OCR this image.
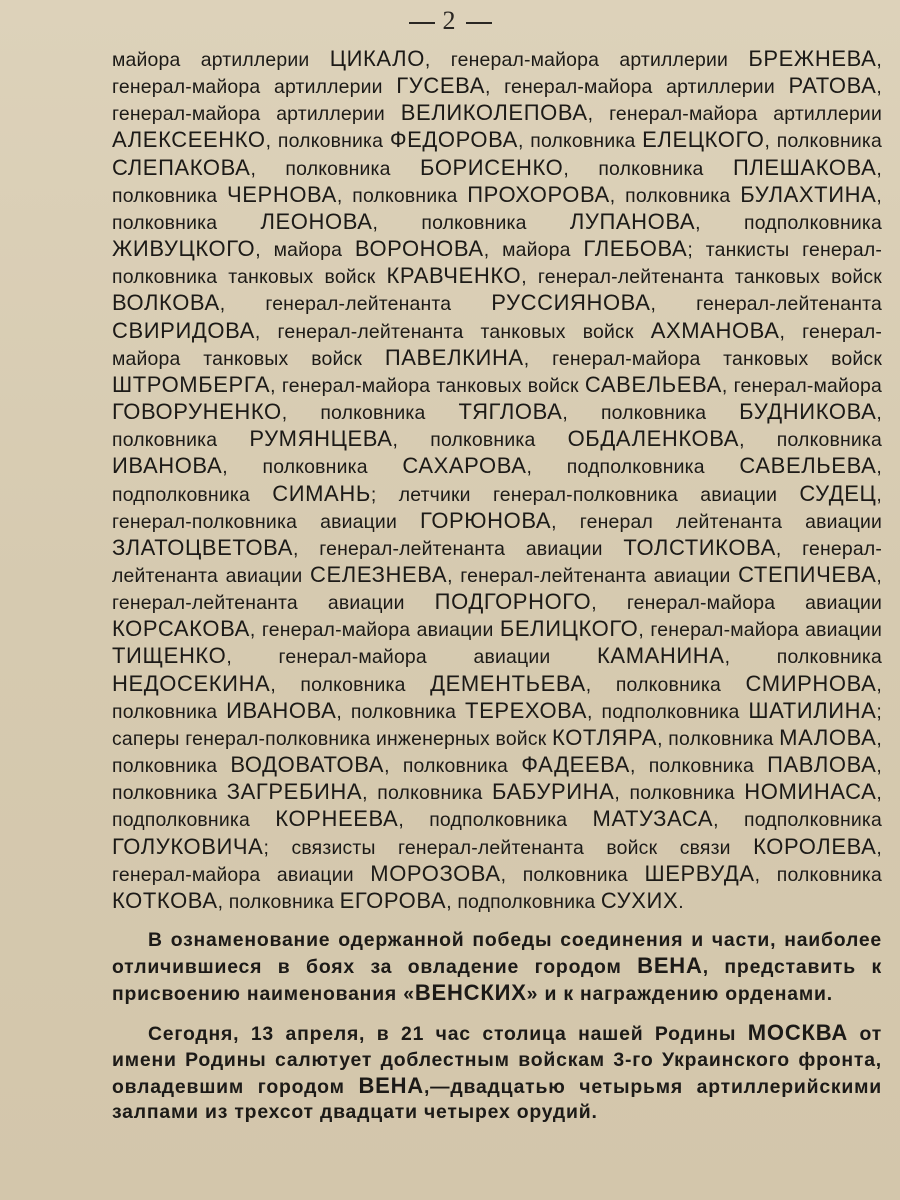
2

майора артиллерии ЦИКАЛО, генерал-майора артиллерии БРЕЖНЕВА, генерал-майора артиллерии ГУСЕВА, генерал-майора артиллерии РАТОВА, генерал-майора артиллерии ВЕЛИКОЛЕПОВА, генерал-майора артиллерии АЛЕКСЕЕНКО, полковника ФЕДОРОВА, полковника ЕЛЕЦКОГО, полковника СЛЕПАКОВА, полковника БОРИСЕНКО, полковника ПЛЕШАКОВА, полковника ЧЕРНОВА, полковника ПРОХОРОВА, полковника БУЛАХТИНА, полковника ЛЕОНОВА, полковника ЛУПАНОВА, подполковника ЖИВУЦКОГО, майора ВОРОНОВА, майора ГЛЕБОВА; танкисты генерал-полковника танковых войск КРАВЧЕНКО, генерал-лейтенанта танковых войск ВОЛКОВА, генерал-лейтенанта РУССИЯНОВА, генерал-лейтенанта СВИРИДОВА, генерал-лейтенанта танковых войск АХМАНОВА, генерал-майора танковых войск ПАВЕЛКИНА, генерал-майора танковых войск ШТРОМБЕРГА, генерал-майора танковых войск САВЕЛЬЕВА, генерал-майора ГОВОРУНЕНКО, полковника ТЯГЛОВА, полковника БУДНИКОВА, полковника РУМЯНЦЕВА, полковника ОБДАЛЕНКОВА, полковника ИВАНОВА, полковника САХАРОВА, подполковника САВЕЛЬЕВА, подполковника СИМАНЬ; летчики генерал-полковника авиации СУДЕЦ, генерал-полковника авиации ГОРЮНОВА, генерал лейтенанта авиации ЗЛАТОЦВЕТОВА, генерал-лейтенанта авиации ТОЛСТИКОВА, генерал-лейтенанта авиации СЕЛЕЗНЕВА, генерал-лейтенанта авиации СТЕПИЧЕВА, генерал-лейтенанта авиации ПОДГОРНОГО, генерал-майора авиации КОРСАКОВА, генерал-майора авиации БЕЛИЦКОГО, генерал-майора авиации ТИЩЕНКО, генерал-майора авиации КАМАНИНА, полковника НЕДОСЕКИНА, полковника ДЕМЕНТЬЕВА, полковника СМИРНОВА, полковника ИВАНОВА, полковника ТЕРЕХОВА, подполковника ШАТИЛИНА; саперы генерал-полковника инженерных войск КОТЛЯРА, полковника МАЛОВА, полковника ВОДОВАТОВА, полковника ФАДЕЕВА, полковника ПАВЛОВА, полковника ЗАГРЕБИНА, полковника БАБУРИНА, полковника НОМИНАСА, подполковника КОРНЕЕВА, подполковника МАТУЗАСА, подполковника ГОЛУКОВИЧА; связисты генерал-лейтенанта войск связи КОРОЛЕВА, генерал-майора авиации МОРОЗОВА, полковника ШЕРВУДА, полковника КОТКОВА, полковника ЕГОРОВА, подполковника СУХИХ.

В ознаменование одержанной победы соединения и части, наиболее отличившиеся в боях за овладение городом ВЕНА, представить к присвоению наименования «ВЕНСКИХ» и к награждению орденами.

Сегодня, 13 апреля, в 21 час столица нашей Родины МОСКВА от имени Родины салютует доблестным войскам 3-го Украинского фронта, овладевшим городом ВЕНА,—двадцатью четырьмя артиллерийскими залпами из трехсот двадцати четырех орудий.
